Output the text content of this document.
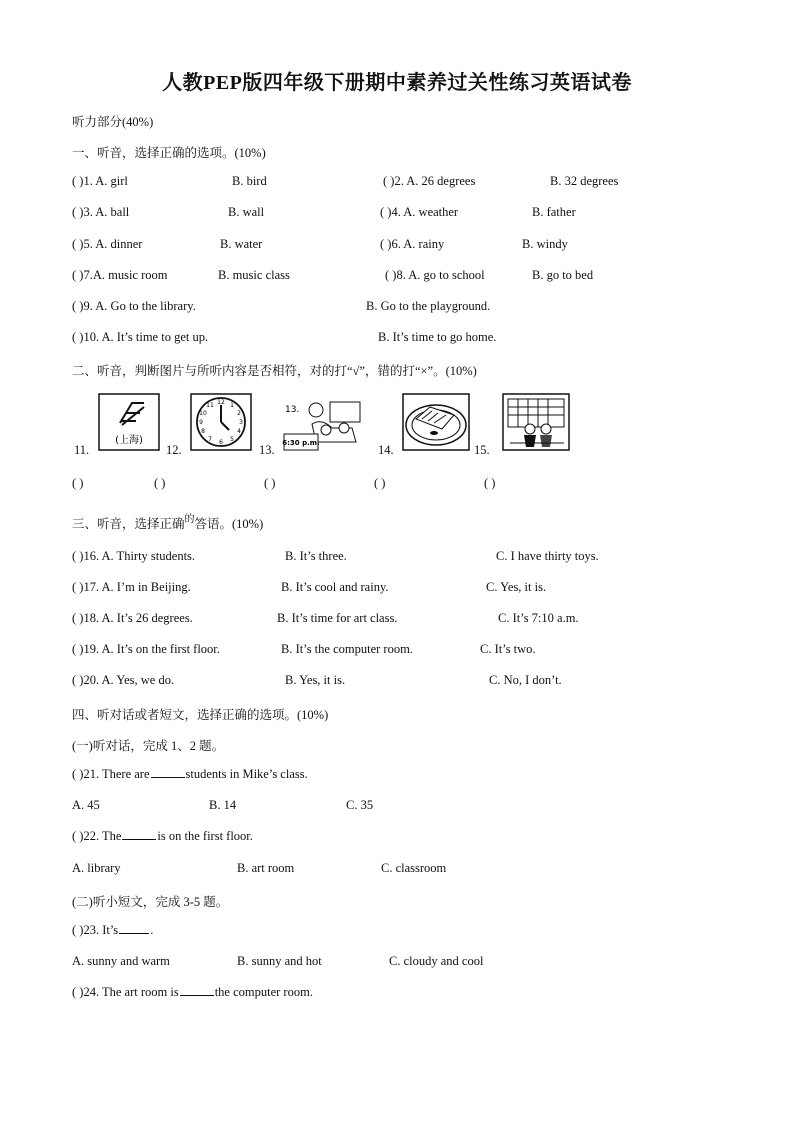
人教PEP版四年级下册期中素养过关性练习英语试卷
听力部分(40%)
一、听音，选择正确的选项。(10%)
( )1. A. girl	B. bird	( )2. A. 26 degrees	B. 32 degrees
( )3. A. ball	B. wall	( )4. A. weather	B. father
( )5. A. dinner	B. water	( )6. A. rainy	B. windy
( )7.A. music room	B. music class	( )8. A. go to school	B. go to bed
( )9. A. Go to the library.	B. Go to the playground.
( )10. A. It’s time to get up.	B. It’s time to go home.
二、听音，判断图片与所听内容是否相符，对的打“√”，错的打“×”。(10%)
(上海)
12 1
2
3
4
5
6
7
8
9
10
11	13.
6:30 p.m.
11.	12.	13.	14.	15.
( )	( )	( )	( )	( )
三、听音，选择正确$^的$答语。(10%)
( )16. A. Thirty students.	B. It’s three.	C. I have thirty toys.
( )17. A. I’m in Beijing.	B. It’s cool and rainy.	C. Yes, it is.
( )18. A. It’s 26 degrees.	B. It’s time for art class.	C. It’s 7:10 a.m.
( )19. A. It’s on the first floor.	B. It’s the computer room.	C. It’s two.
( )20. A. Yes, we do.	B. Yes, it is.	C. No, I don’t.
四、听对话或者短文，选择正确的选项。(10%)
(一)听对话，完成 1、2 题。
( )21. There are	students in Mike’s class.
A. 45	B. 14	C. 35
( )22. The	is on the first floor.
A. library	B. art room	C. classroom
(二)听小短文，完成 3-5 题。
( )23. It’s	.
A. sunny and warm	B. sunny and hot	C. cloudy and cool
( )24. The art room is	the computer room.
